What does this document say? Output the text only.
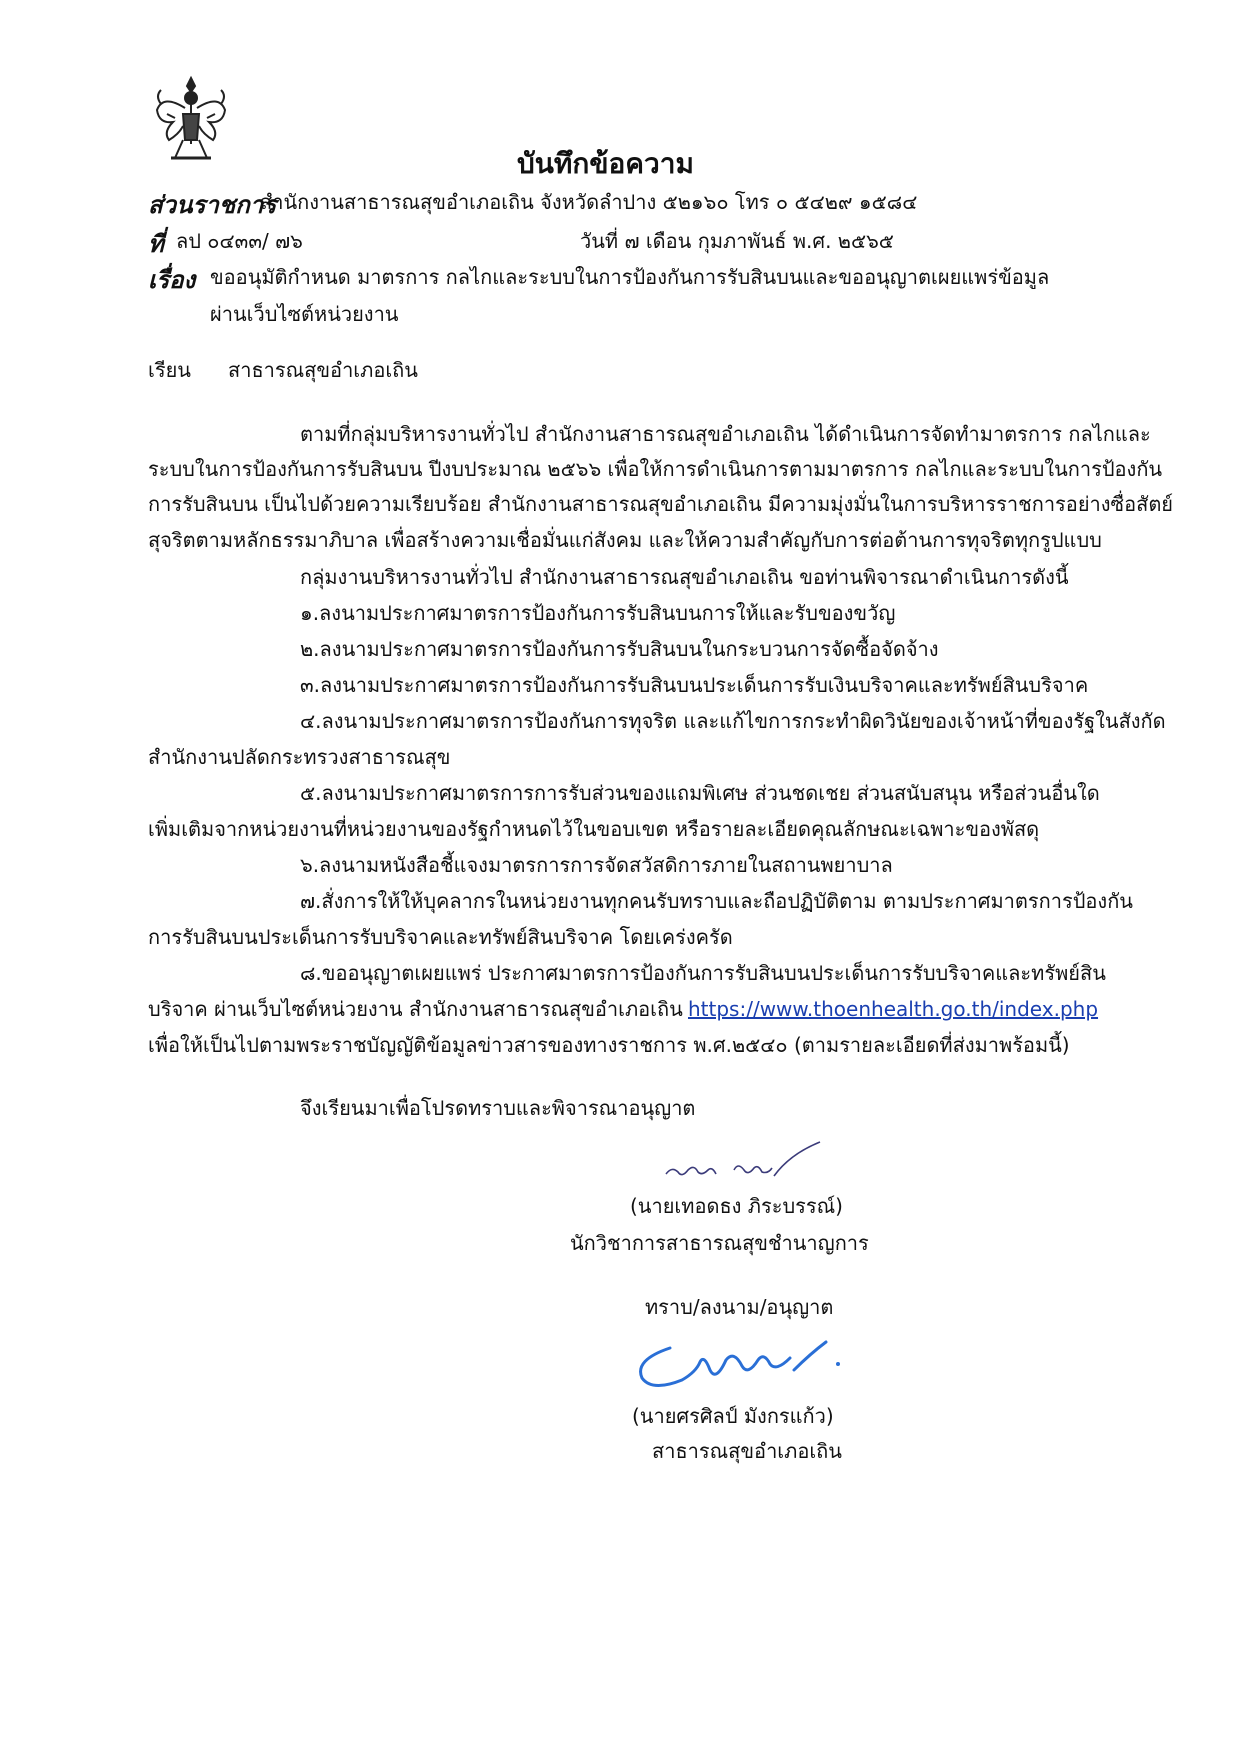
บันทึกข้อความ
ส่วนราชการ
สำนักงานสาธารณสุขอำเภอเถิน จังหวัดลำปาง ๕๒๑๖๐ โทร ๐ ๕๔๒๙ ๑๕๘๔
ที่ ลป ๐๔๓๓/ ๗๖	วันที่ ๗ เดือน กุมภาพันธ์ พ.ศ. ๒๕๖๕
เรื่อง ขออนุมัติกำหนด มาตรการ กลไกและระบบในการป้องกันการรับสินบนและขออนุญาตเผยแพร่ข้อมูล
ผ่านเว็บไซต์หน่วยงาน
เรียน สาธารณสุขอำเภอเถิน
ตามที่กลุ่มบริหารงานทั่วไป สำนักงานสาธารณสุขอำเภอเถิน ได้ดำเนินการจัดทำมาตรการ กลไกและ
ระบบในการป้องกันการรับสินบน ปีงบประมาณ ๒๕๖๖ เพื่อให้การดำเนินการตามมาตรการ กลไกและระบบในการป้องกัน
การรับสินบน เป็นไปด้วยความเรียบร้อย สำนักงานสาธารณสุขอำเภอเถิน มีความมุ่งมั่นในการบริหารราชการอย่างซื่อสัตย์
สุจริตตามหลักธรรมาภิบาล เพื่อสร้างความเชื่อมั่นแก่สังคม และให้ความสำคัญกับการต่อต้านการทุจริตทุกรูปแบบ
กลุ่มงานบริหารงานทั่วไป สำนักงานสาธารณสุขอำเภอเถิน ขอท่านพิจารณาดำเนินการดังนี้
๑.ลงนามประกาศมาตรการป้องกันการรับสินบนการให้และรับของขวัญ
๒.ลงนามประกาศมาตรการป้องกันการรับสินบนในกระบวนการจัดซื้อจัดจ้าง
๓.ลงนามประกาศมาตรการป้องกันการรับสินบนประเด็นการรับเงินบริจาคและทรัพย์สินบริจาค
๔.ลงนามประกาศมาตรการป้องกันการทุจริต และแก้ไขการกระทำผิดวินัยของเจ้าหน้าที่ของรัฐในสังกัด
สำนักงานปลัดกระทรวงสาธารณสุข
๕.ลงนามประกาศมาตรการการรับส่วนของแถมพิเศษ ส่วนชดเชย ส่วนสนับสนุน หรือส่วนอื่นใด
เพิ่มเติมจากหน่วยงานที่หน่วยงานของรัฐกำหนดไว้ในขอบเขต หรือรายละเอียดคุณลักษณะเฉพาะของพัสดุ
๖.ลงนามหนังสือชี้แจงมาตรการการจัดสวัสดิการภายในสถานพยาบาล
๗.สั่งการให้ให้บุคลากรในหน่วยงานทุกคนรับทราบและถือปฏิบัติตาม ตามประกาศมาตรการป้องกัน
การรับสินบนประเด็นการรับบริจาคและทรัพย์สินบริจาค โดยเคร่งครัด
๘.ขออนุญาตเผยแพร่ ประกาศมาตรการป้องกันการรับสินบนประเด็นการรับบริจาคและทรัพย์สิน
บริจาค ผ่านเว็บไซต์หน่วยงาน สำนักงานสาธารณสุขอำเภอเถิน https://www.thoenhealth.go.th/index.php
เพื่อให้เป็นไปตามพระราชบัญญัติข้อมูลข่าวสารของทางราชการ พ.ศ.๒๕๔๐ (ตามรายละเอียดที่ส่งมาพร้อมนี้)
จึงเรียนมาเพื่อโปรดทราบและพิจารณาอนุญาต
(นายเทอดธง ภิระบรรณ์)
นักวิชาการสาธารณสุขชำนาญการ
ทราบ/ลงนาม/อนุญาต
(นายศรศิลป์ มังกรแก้ว)
สาธารณสุขอำเภอเถิน
